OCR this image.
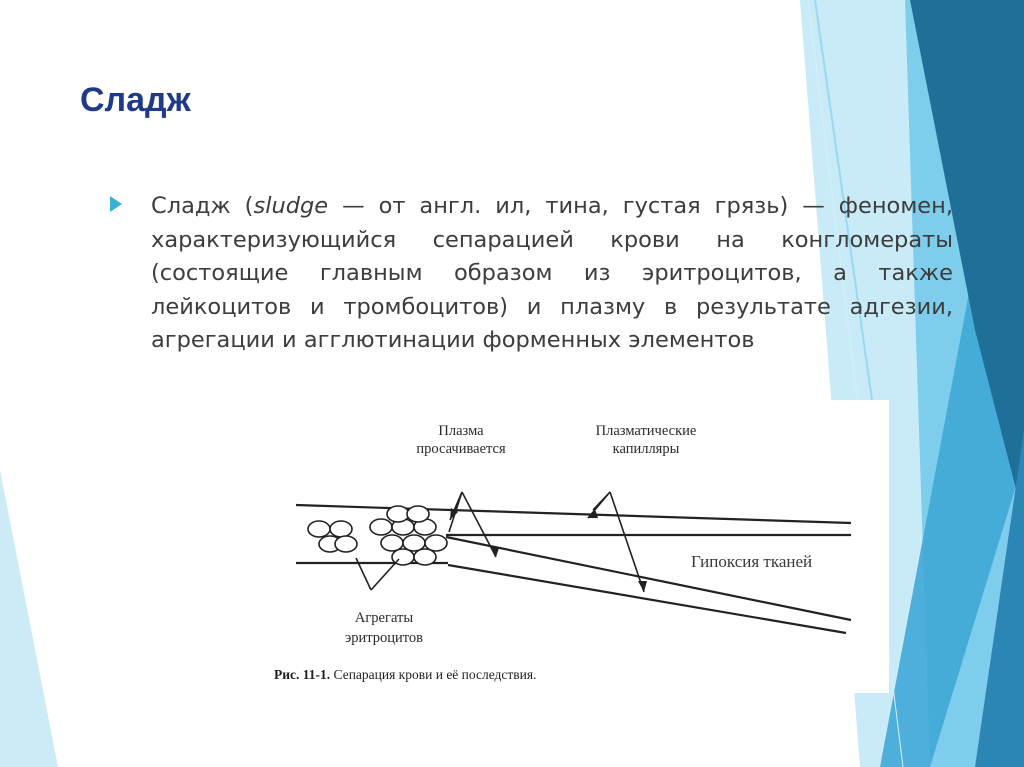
Сладж

Сладж (sludge — от англ. ил, тина, густая грязь) — феномен, характеризующийся сепарацией крови на конгломераты (состоящие главным образом из эритроцитов, а также лейкоцитов и тромбоцитов) и плазму в результате адгезии, агрегации и агглютинации форменных элементов

Плазма
просачивается
Плазматические
капилляры
Гипоксия тканей
Агрегаты
эритроцитов
Рис. 11-1. Сепарация крови и её последствия.
